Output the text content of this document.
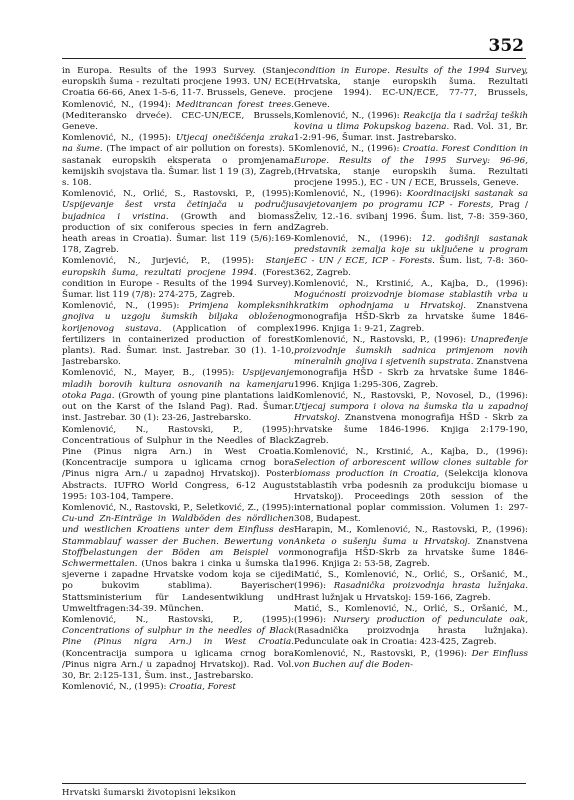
352

in Europa. Results of the 1993 Survey. (Stanje europskih šuma - rezultati procjene 1993. UN/ ECE Croatia 66-66, Anex 1-5-6, 11-7. Brussels, Geneve.

Komlenović, N., (1994): Meditrancan forest trees. (Mediteransko drveće). CEC-UN/ECE, Brussels, Geneve.

Komlenović, N., (1995): Utjecaj onečišćenja zraka na šume. (The impact of air pollution on forests). 5 sastanak europskih eksperata o promjenama kemijskih svojstava tla. Šumar. list 1 19 (3), Zagreb, s. 108.

Komlenović, N., Orlić, S., Rastovski, P., (1995): Uspijevanje šest vrsta četinjača u području bujadnica i vristina. (Growth and biomass production of six coniferous species in fern and heath areas in Croatia). Šumar. list 119 (5/6):169-178, Zagreb.

Komlenović, N., Jurjević, P., (1995): Stanje europskih šuma, rezultati procjene 1994. (Forest condition in Europe - Results of the 1994 Survey). Šumar. list 119 (7/8): 274-275, Zagreb.

Komlenović, N., (1995): Primjena kompleksnih gnojiva u uzgoju šumskih biljaka obloženog korijenovog sustava. (Application of complex fertilizers in containerized production of forest plants). Rad. Šumar. inst. Jastrebar. 30 (1). 1-10, Jastrebarsko.

Komlenović, N., Mayer, B., (1995): Uspijevanje mladih borovih kultura osnovanih na kamenjaru otoka Paga. (Growth of young pine plantations laid out on the Karst of the Island Pag). Rad. Šumar. inst. Jastrebar. 30 (1): 23-26, Jastrebarsko.

Komlenović, N., Rastovski, P., (1995): Concentratious of Sulphur in the Needles of Black Pine (Pinus nigra Arn.) in West Croatia. (Koncentracije sumpora u iglicama crnog bora /Pinus nigra Arn./ u zapadnoj Hrvatskoj). Poster Abstracts. IUFRO World Congress, 6-12 August 1995: 103-104, Tampere.

Komlenović, N., Rastovski, P., Seletković, Z., (1995): Cu-und Zn-Einträge in Waldböden des nördlichen und westlichen Kroatiens unter dem Einfluss des Stammablauf wasser der Buchen. Bewertung von Stoffbelastungen der Böden am Beispiel von Schwermettalen. (Unos bakra i cinka u šumska tla sjeverne i zapadne Hrvatske vodom koja se cijedi po bukovim stablima). Bayerischer Stattsministerium für Landesentwiklung und Umweltfragen:34-39. München.

Komlenović, N., Rastovski, P., (1995): Concentrations of sulphur in the needles of Black Pine (Pinus nigra Arn.) in West Croatia. (Koncentracija sumpora u iglicama crnog bora /Pinus nigra Arn./ u zapadnoj Hrvatskoj). Rad. Vol. 30, Br. 2:125-131, Šum. inst., Jastrebarsko.

Komlenović, N., (1995): Croatia, Forest

condition in Europe. Results of the 1994 Survey, (Hrvatska, stanje europskih šuma. Rezultati procjene 1994). EC-UN/ECE, 77-77, Brussels, Geneve.

Komlenović, N., (1996): Reakcija tla i sadržaj teških kovina u tlima Pokupskog bazena. Rad. Vol. 31, Br. 1-2:91-96, Šumar. inst. Jastrebarsko.

Komlenović, N., (1996): Croatia. Forest Condition in Europe. Results of the 1995 Survey: 96-96, (Hrvatska, stanje europskih šuma. Rezultati procjene 1995.), EC - UN / ECE, Brussels, Geneve.

Komlenović, N., (1996): Koordinacijski sastanak sa savjetovanjem po programu ICP - Forests, Prag / Želiv, 12.-16. svibanj 1996. Šum. list, 7-8: 359-360, Zagreb.

Komlenović, N., (1996): 12. godišnji sastanak predstavnik zemalja koje su uključene u program EC - UN / ECE, ICP - Forests. Šum. list, 7-8: 360-362, Zagreb.

Komlenović, N., Krstinić, A., Kajba, D., (1996): Mogućnosti proizvodnje biomase stablastih vrba u kratkim ophodnjama u Hrvatskoj. Znanstvena monografija HŠD-Skrb za hrvatske šume 1846-1996. Knjiga 1: 9-21, Zagreb.

Komlenović, N., Rastovski, P., (1996): Unapređenje proizvodnje šumskih sadnica primjenom novih mineralnih gnojiva i sjetvenih supstrata. Znanstvena monografija HŠD - Skrb za hrvatske šume 1846-1996. Knjiga 1:295-306, Zagreb.

Komlenović, N., Rastovski, P., Novosel, D., (1996): Utjecaj sumpora i olova na šumska tla u zapadnoj Hrvatskoj. Znanstvena monografija HŠD - Skrb za hrvatske šume 1846-1996. Knjiga 2:179-190, Zagreb.

Komlenović, N., Krstinić, A., Kajba, D., (1996): Selection of arborescent willow clones suitable for biomass production in Croatia, (Selekcija klonova stablastih vrba podesnih za produkciju biomase u Hrvatskoj). Proceedings 20th session of the international poplar commission. Volumen 1: 297-308, Budapest.

Harapin, M., Komlenović, N., Rastovski, P., (1996): Anketa o sušenju šuma u Hrvatskoj. Znanstvena monografija HŠD-Skrb za hrvatske šume 1846-1996. Knjiga 2: 53-58, Zagreb.

Matić, S., Komlenović, N., Orlić, S., Oršanić, M., (1996): Rasadnička proizvodnja hrasta lužnjaka. Hrast lužnjak u Hrvatskoj: 159-166, Zagreb.

Matić, S., Komlenović, N., Orlić, S., Oršanić, M., (1996): Nursery production of pedunculate oak, (Rasadnička proizvodnja hrasta lužnjaka). Pedunculate oak in Croatia: 423-425, Zagreb.

Komlenović, N., Rastovski, P., (1996): Der Einfluss von Buchen auf die Boden-

Hrvatski šumarski životopisni leksikon
